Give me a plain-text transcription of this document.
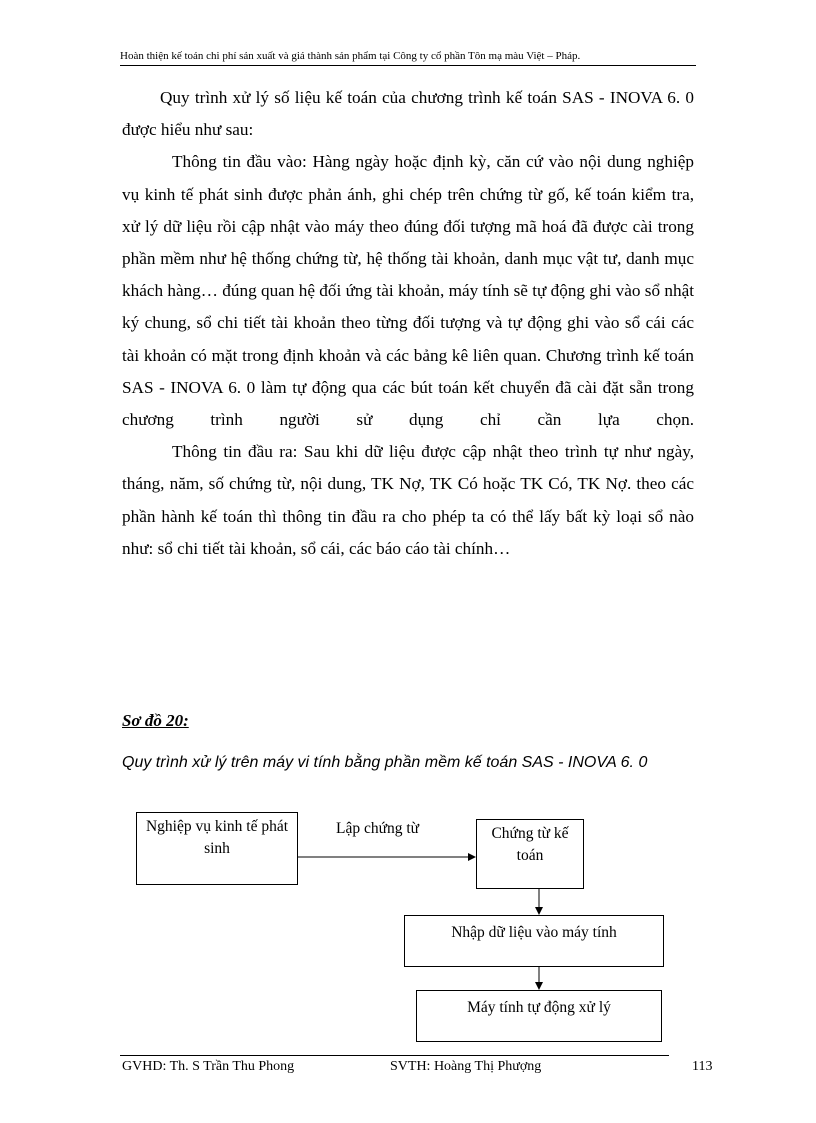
Hoàn thiện kế toán chi phí sản xuất và giá thành sản phẩm tại Công ty cổ phần Tôn mạ màu Việt – Pháp.

Quy trình xử lý số liệu kế toán của chương trình kế toán SAS - INOVA 6. 0 được hiểu như sau:

Thông tin đầu vào: Hàng ngày hoặc định kỳ, căn cứ vào nội dung nghiệp vụ kinh tế phát sinh được phản ánh, ghi chép trên chứng từ gố, kế toán kiểm tra, xử lý dữ liệu rồi cập nhật vào máy theo đúng đối tượng mã hoá đã được cài trong phần mềm như hệ thống chứng từ, hệ thống tài khoản, danh mục vật tư, danh mục khách hàng… đúng quan hệ đối ứng tài khoản, máy tính sẽ tự động ghi vào sổ nhật ký chung, sổ chi tiết tài khoản theo từng đối tượng và tự động ghi vào sổ cái các tài khoản có mặt trong định khoản và các bảng kê liên quan. Chương trình kế toán SAS - INOVA 6. 0 làm tự động qua các bút toán kết chuyển đã cài đặt sẵn trong chương trình người sử dụng chỉ cần lựa chọn.

Thông tin đầu ra: Sau khi dữ liệu được cập nhật theo trình tự như ngày, tháng, năm, số chứng từ, nội dung, TK Nợ, TK Có hoặc TK Có, TK Nợ. theo các phần hành kế toán thì thông tin đầu ra cho phép ta có thể lấy bất kỳ loại sổ nào như: sổ chi tiết tài khoản, sổ cái, các báo cáo tài chính…

Sơ đồ 20:
Quy trình xử lý trên máy vi tính bằng phần mềm kế toán SAS - INOVA 6. 0
Nghiệp vụ kinh tế phát sinh
Lập chứng từ	Chứng từ kế toán
Nhập dữ liệu vào máy tính
Máy tính tự động xử lý
GVHD: Th. S Trần Thu Phong	SVTH: Hoàng Thị Phượng	113
